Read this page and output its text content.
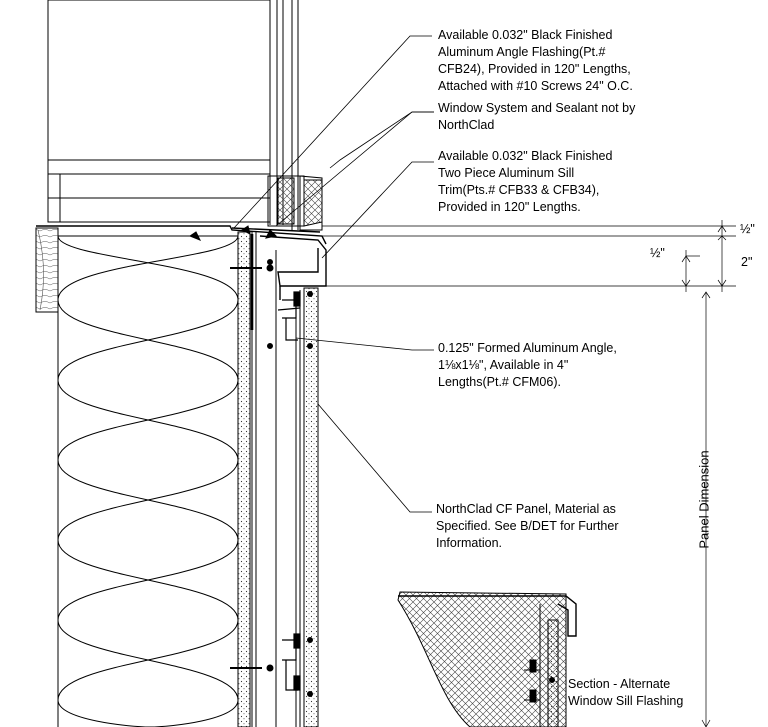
Available 0.032" Black Finished
Aluminum Angle Flashing(Pt.#
CFB24), Provided in 120" Lengths,
Attached with #10 Screws 24" O.C.
Window System and Sealant not by
NorthClad
Available 0.032" Black Finished
Two Piece Aluminum Sill
Trim(Pts.# CFB33 & CFB34),
Provided in 120" Lengths.
0.125" Formed Aluminum Angle,
1⅛x1⅛", Available in 4"
Lengths(Pt.# CFM06).
NorthClad CF Panel, Material as
Specified. See B/DET for Further
Information.
Section - Alternate
Window Sill Flashing
½"
2"
½"
Panel Dimension
